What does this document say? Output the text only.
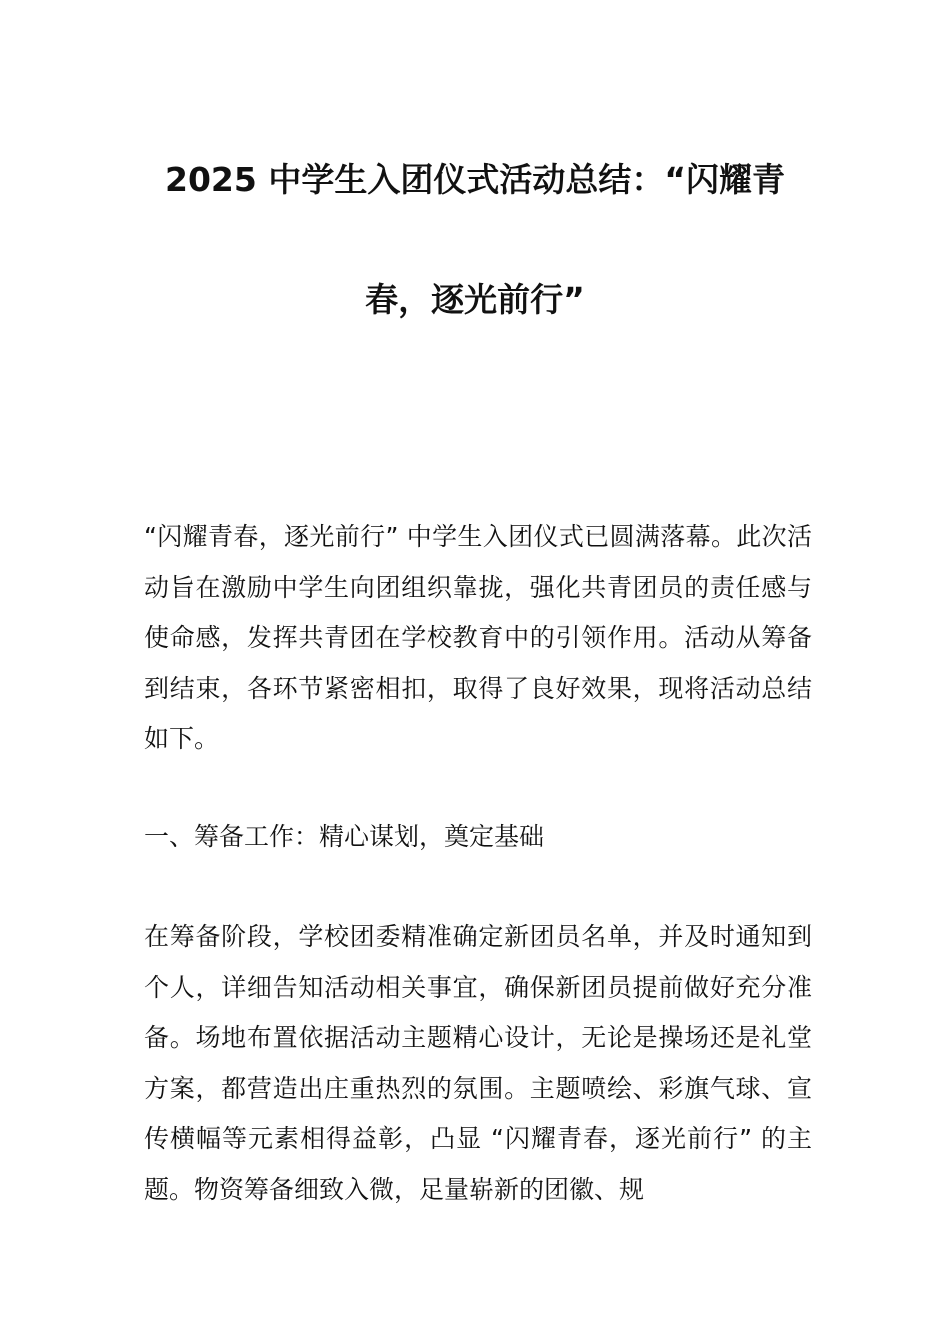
2025 中学生入团仪式活动总结：“闪耀青
春，逐光前行”

“闪耀青春，逐光前行” 中学生入团仪式已圆满落幕。此次活动旨在激励中学生向团组织靠拢，强化共青团员的责任感与使命感，发挥共青团在学校教育中的引领作用。活动从筹备到结束，各环节紧密相扣，取得了良好效果，现将活动总结如下。

一、筹备工作：精心谋划，奠定基础

在筹备阶段，学校团委精准确定新团员名单，并及时通知到个人，详细告知活动相关事宜，确保新团员提前做好充分准备。场地布置依据活动主题精心设计，无论是操场还是礼堂方案，都营造出庄重热烈的氛围。主题喷绘、彩旗气球、宣传横幅等元素相得益彰，凸显 “闪耀青春，逐光前行” 的主题。物资筹备细致入微，足量崭新的团徽、规
